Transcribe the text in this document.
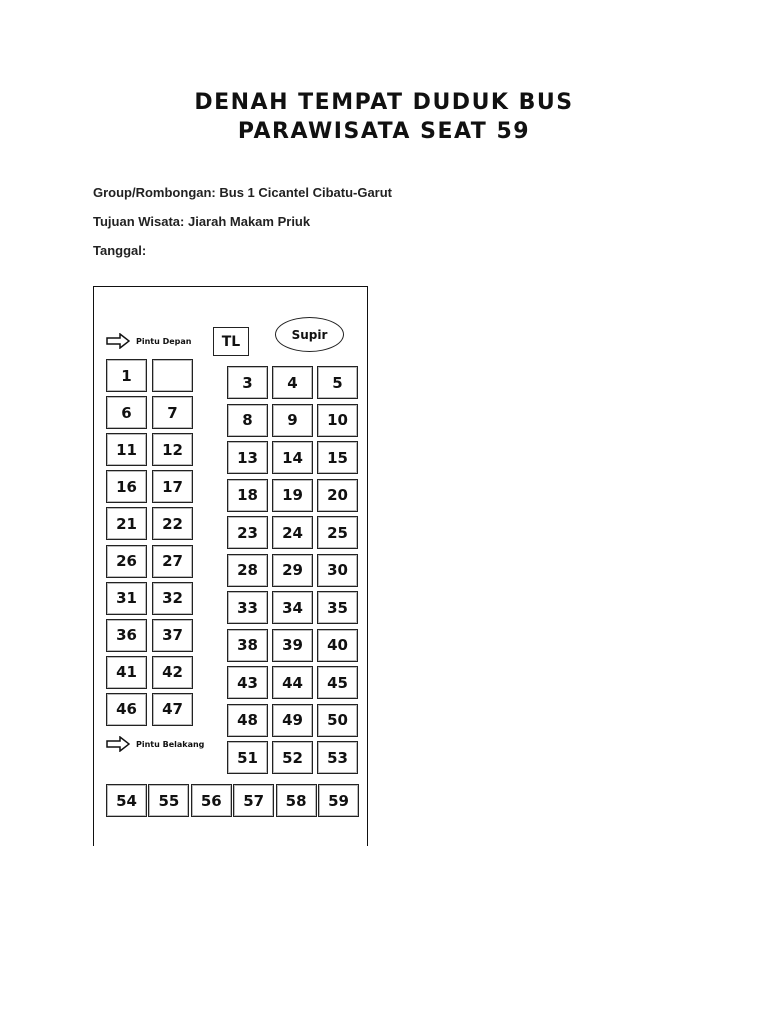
DENAH TEMPAT DUDUK BUS
PARAWISATA SEAT 59
Group/Rombongan: Bus 1 Cicantel Cibatu-Garut
Tujuan Wisata: Jiarah Makam Priuk
Tanggal:
Pintu Depan	TL	Supir
Pintu Belakang
1
6	7
11	12
16	17
21	22
26	27
31	32
36	37
41	42
46	47
3	4	5
8	9	10
13	14	15
18	19	20
23	24	25
28	29	30
33	34	35
38	39	40
43	44	45
48	49	50
51	52	53
54	55	56	57	58	59
